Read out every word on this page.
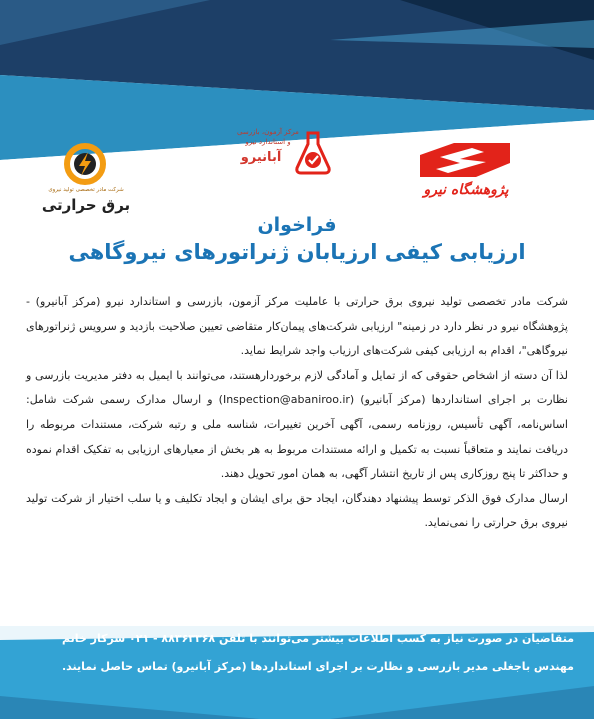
شرکت مادر تخصصی تولید نیروی
برق حرارتی
مرکز آزمون، بازرسی
و استاندارد نیرو
آبانیرو
پژوهشگاه نیرو
فراخوان
ارزیابی کیفی ارزیابان ژنراتورهای نیروگاهی

شرکت مادر تخصصی تولید نیروی برق حرارتی با عاملیت مرکز آزمون، بازرسی و استاندارد نیرو (مرکز آبانیرو) - پژوهشگاه نیرو در نظر دارد در زمینه" ارزیابی شرکت‌های پیمان‌کار متقاضی تعیین صلاحیت بازدید و سرویس ژنراتورهای نیروگاهی"، اقدام به ارزیابی کیفی شرکت‌های ارزیاب واجد شرایط نماید.

لذا آن دسته از اشخاص حقوقی که از تمایل و آمادگی لازم برخوردارهستند، می‌توانند با ایمیل به دفتر مدیریت بازرسی و نظارت بر اجرای استانداردها (مرکز آبانیرو) (Inspection@abaniroo.ir) و ارسال مدارک رسمی شرکت شامل: اساس‌نامه، آگهی تأسیس، روزنامه رسمی، آگهی آخرین تغییرات، شناسه ملی و رتبه شرکت، مستندات مربوطه را دریافت نمایند و متعاقباً نسبت به تکمیل و ارائه مستندات مربوط به هر بخش از معیارهای ارزیابی به تفکیک اقدام نموده و حداکثر تا پنج روزکاری پس از تاریخ انتشار آگهی، به همان امور تحویل دهند.

ارسال مدارک فوق الذکر توسط پیشنهاد دهندگان، ایجاد حق برای ایشان و ایجاد تکلیف و یا سلب اختیار از شرکت تولید نیروی برق حرارتی را نمی‌نماید.

متقاضیان در صورت نیاز به کسب اطلاعات بیشتر می‌توانند با تلفن ۸۸۳۶۳۳۶۸ - ۰۲۱ سرکار خانم
مهندس باجغلی مدیر بازرسی و نظارت بر اجرای استانداردها (مرکز آبانیرو) تماس حاصل نمایند.
